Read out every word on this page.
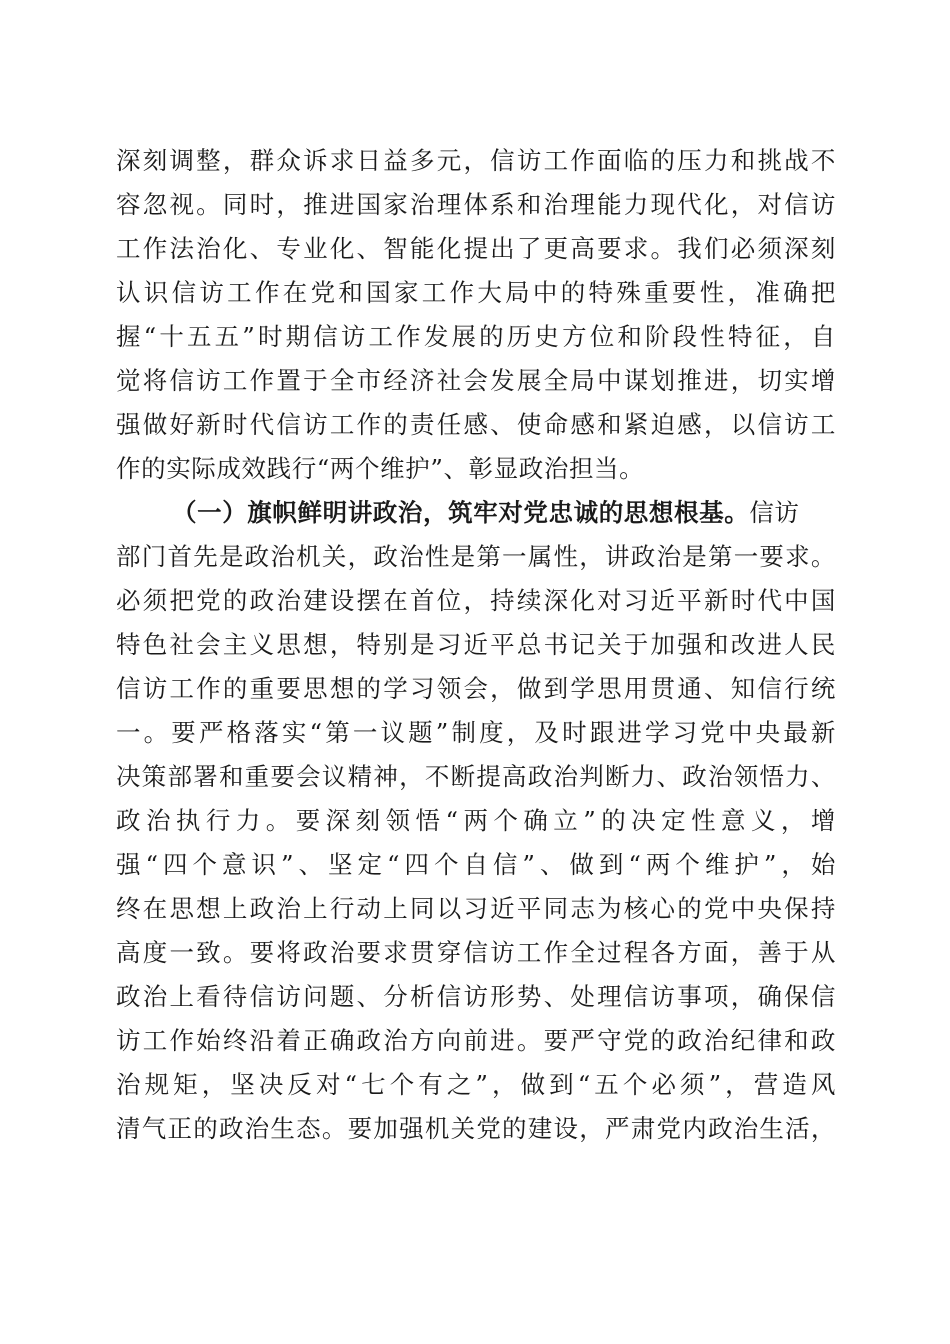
深刻调整，群众诉求日益多元，信访工作面临的压力和挑战不
容忽视。同时，推进国家治理体系和治理能力现代化，对信访
工作法治化、专业化、智能化提出了更高要求。我们必须深刻
认识信访工作在党和国家工作大局中的特殊重要性，准确把
握“十五五”时期信访工作发展的历史方位和阶段性特征，自
觉将信访工作置于全市经济社会发展全局中谋划推进，切实增
强做好新时代信访工作的责任感、使命感和紧迫感，以信访工
作的实际成效践行“两个维护”、彰显政治担当。
（一）旗帜鲜明讲政治，筑牢对党忠诚的思想根基。信访
部门首先是政治机关，政治性是第一属性，讲政治是第一要求。
必须把党的政治建设摆在首位，持续深化对习近平新时代中国
特色社会主义思想，特别是习近平总书记关于加强和改进人民
信访工作的重要思想的学习领会，做到学思用贯通、知信行统
一。要严格落实“第一议题”制度，及时跟进学习党中央最新
决策部署和重要会议精神，不断提高政治判断力、政治领悟力、
政治执行力。要深刻领悟“两个确立”的决定性意义，增
强“四个意识”、坚定“四个自信”、做到“两个维护”，始
终在思想上政治上行动上同以习近平同志为核心的党中央保持
高度一致。要将政治要求贯穿信访工作全过程各方面，善于从
政治上看待信访问题、分析信访形势、处理信访事项，确保信
访工作始终沿着正确政治方向前进。要严守党的政治纪律和政
治规矩，坚决反对“七个有之”，做到“五个必须”，营造风
清气正的政治生态。要加强机关党的建设，严肃党内政治生活，
